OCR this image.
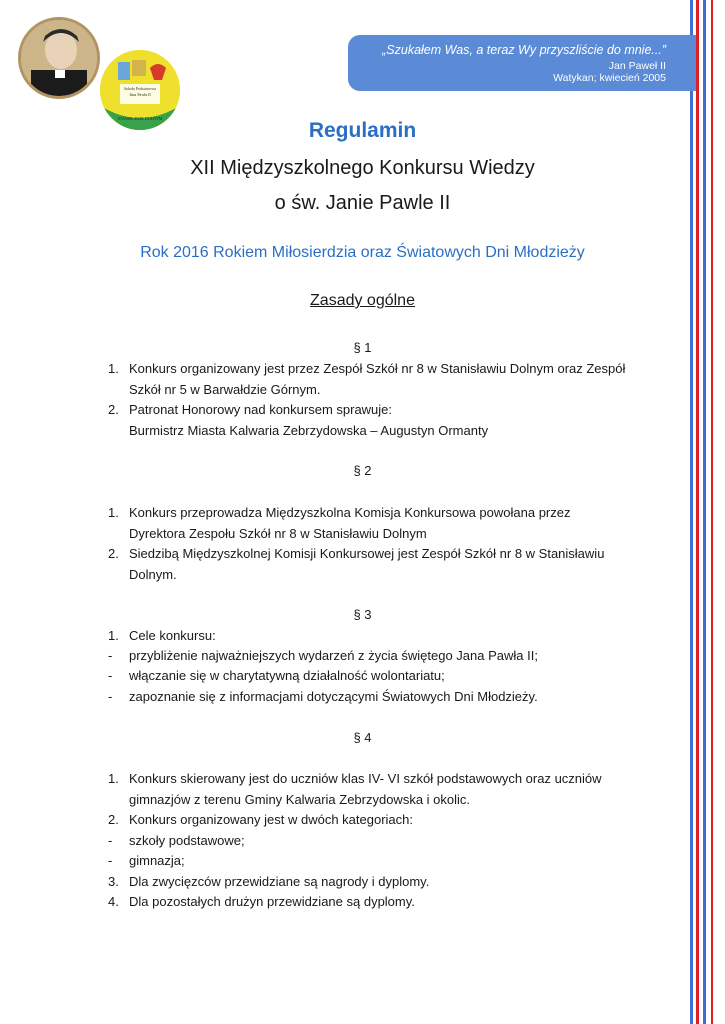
Szkoła Podstawowa
Jana Pawła II
STANISŁAWIE DOLNYM
„Szukałem Was, a teraz Wy przyszliście do mnie...”
Jan Paweł II
Watykan; kwiecień 2005
Regulamin
XII Międzyszkolnego Konkursu Wiedzy
o św. Janie Pawle II
Rok 2016 Rokiem Miłosierdzia oraz Światowych Dni Młodzieży
Zasady ogólne
§ 1
1. Konkurs organizowany jest przez Zespół Szkół nr 8 w Stanisławiu Dolnym oraz Zespół
Szkół nr 5 w Barwałdzie Górnym.
2. Patronat Honorowy nad konkursem sprawuje:
Burmistrz Miasta Kalwaria Zebrzydowska – Augustyn Ormanty
§ 2
1. Konkurs przeprowadza Międzyszkolna Komisja Konkursowa powołana przez
Dyrektora Zespołu Szkół nr 8 w Stanisławiu Dolnym
2. Siedzibą Międzyszkolnej Komisji Konkursowej jest Zespół Szkół nr 8 w Stanisławiu
Dolnym.
§ 3
1. Cele konkursu:
- przybliżenie najważniejszych wydarzeń z życia świętego Jana Pawła II;
- włączanie się w charytatywną działalność wolontariatu;
- zapoznanie się z informacjami dotyczącymi Światowych Dni Młodzieży.
§ 4
1. Konkurs skierowany jest do uczniów klas IV- VI szkół podstawowych oraz uczniów
gimnazjów z terenu Gminy Kalwaria Zebrzydowska i okolic.
2. Konkurs organizowany jest w dwóch kategoriach:
- szkoły podstawowe;
- gimnazja;
3. Dla zwycięzców przewidziane są nagrody i dyplomy.
4. Dla pozostałych drużyn przewidziane są dyplomy.
